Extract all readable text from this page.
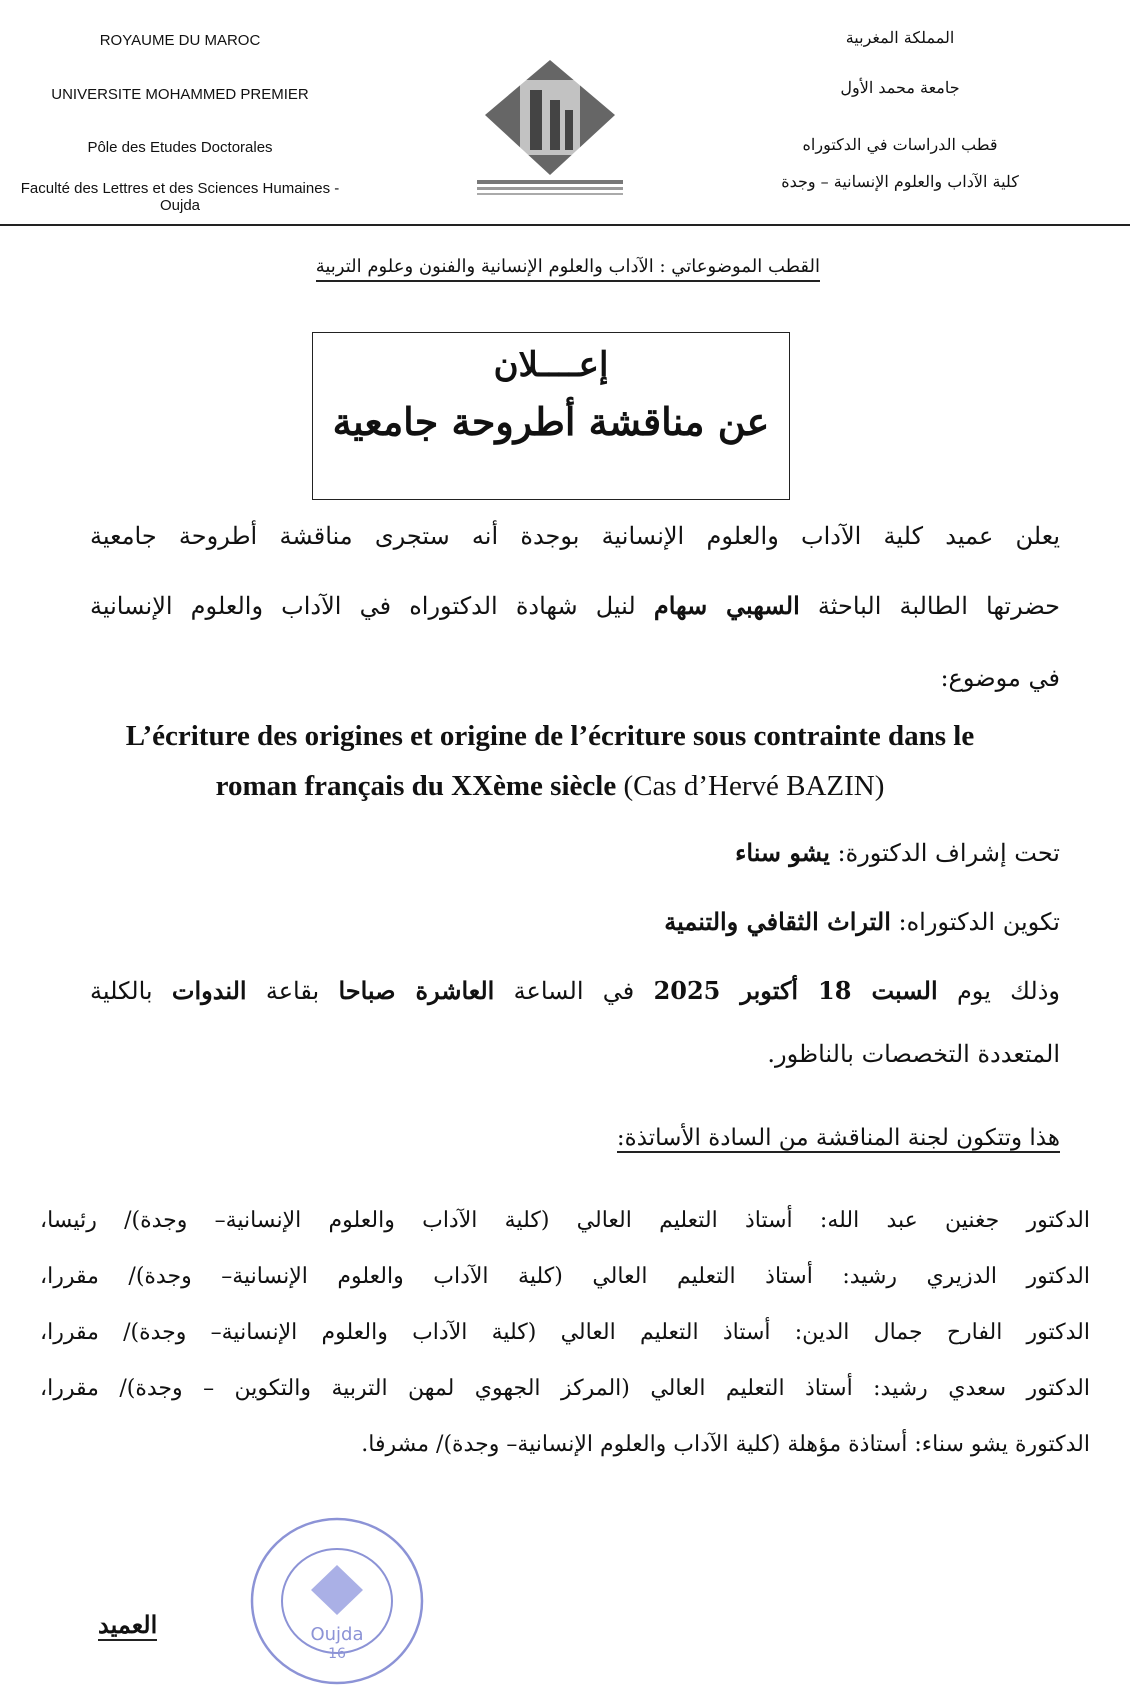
ROYAUME DU MAROC
UNIVERSITE MOHAMMED PREMIER
Pôle des Etudes Doctorales
Faculté des Lettres et des Sciences Humaines - Oujda
المملكة المغربية
جامعة محمد الأول
قطب الدراسات في الدكتوراه
كلية الآداب والعلوم الإنسانية – وجدة
القطب الموضوعاتي : الآداب والعلوم الإنسانية والفنون وعلوم التربية
إعــــلان
عن مناقشة أطروحة جامعية
يعلن عميد كلية الآداب والعلوم الإنسانية بوجدة أنه ستجرى مناقشة أطروحة جامعية
حضرتها الطالبة الباحثة السهبي سهام لنيل شهادة الدكتوراه في الآداب والعلوم الإنسانية
في موضوع:
L’écriture des origines et origine de l’écriture sous contrainte dans le
roman français du XXème siècle (Cas d’Hervé BAZIN)
تحت إشراف الدكتورة: يشو سناء
تكوين الدكتوراه: التراث الثقافي والتنمية
وذلك يوم السبت 18 أكتوبر 2025 في الساعة العاشرة صباحا بقاعة الندوات بالكلية
المتعددة التخصصات بالناظور.
هذا وتتكون لجنة المناقشة من السادة الأساتذة:
الدكتور جغنين عبد الله: أستاذ التعليم العالي (كلية الآداب والعلوم الإنسانية– وجدة)/ رئيسا،
الدكتور الدزيري رشيد: أستاذ التعليم العالي (كلية الآداب والعلوم الإنسانية– وجدة)/ مقررا،
الدكتور الفارح جمال الدين: أستاذ التعليم العالي (كلية الآداب والعلوم الإنسانية– وجدة)/ مقررا،
الدكتور سعدي رشيد: أستاذ التعليم العالي (المركز الجهوي لمهن التربية والتكوين – وجدة)/ مقررا،
الدكتورة يشو سناء: أستاذة مؤهلة (كلية الآداب والعلوم الإنسانية– وجدة)/ مشرفا.
Oujda
16
العميد
